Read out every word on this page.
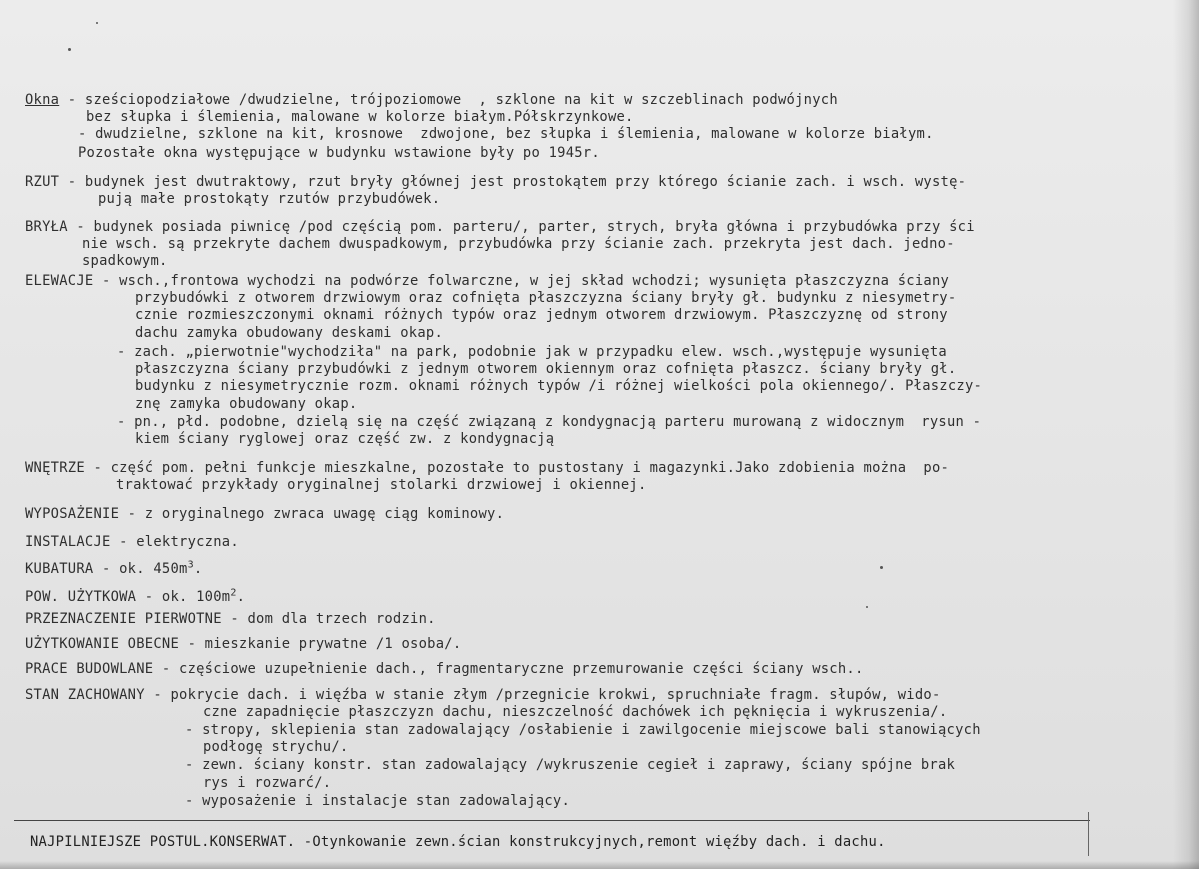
Okna - sześciopodziałowe /dwudzielne, trójpoziomowe  , szklone na kit w szczeblinach podwójnych

bez słupka i ślemienia, malowane w kolorze białym.Półskrzynkowe.

- dwudzielne, szklone na kit, krosnowe  zdwojone, bez słupka i ślemienia, malowane w kolorze białym.

Pozostałe okna występujące w budynku wstawione były po 1945r.

RZUT - budynek jest dwutraktowy, rzut bryły głównej jest prostokątem przy którego ścianie zach. i wsch. wystę-

pują małe prostokąty rzutów przybudówek.

BRYŁA - budynek posiada piwnicę /pod częścią pom. parteru/, parter, strych, bryła główna i przybudówka przy ści

nie wsch. są przekryte dachem dwuspadkowym, przybudówka przy ścianie zach. przekryta jest dach. jedno-

spadkowym.

ELEWACJE - wsch.,frontowa wychodzi na podwórze folwarczne, w jej skład wchodzi; wysunięta płaszczyzna ściany

przybudówki z otworem drzwiowym oraz cofnięta płaszczyzna ściany bryły gł. budynku z niesymetry-

cznie rozmieszczonymi oknami różnych typów oraz jednym otworem drzwiowym. Płaszczyznę od strony

dachu zamyka obudowany deskami okap.

- zach. „pierwotnie"wychodziła" na park, podobnie jak w przypadku elew. wsch.,występuje wysunięta

płaszczyzna ściany przybudówki z jednym otworem okiennym oraz cofnięta płaszcz. ściany bryły gł.

budynku z niesymetrycznie rozm. oknami różnych typów /i różnej wielkości pola okiennego/. Płaszczy-

znę zamyka obudowany okap.

- pn., płd. podobne, dzielą się na część związaną z kondygnacją parteru murowaną z widocznym  rysun -

kiem ściany ryglowej oraz część zw. z kondygnacją

WNĘTRZE - część pom. pełni funkcje mieszkalne, pozostałe to pustostany i magazynki.Jako zdobienia można  po-

traktować przykłady oryginalnej stolarki drzwiowej i okiennej.

WYPOSAŻENIE - z oryginalnego zwraca uwagę ciąg kominowy.

INSTALACJE - elektryczna.

KUBATURA - ok. $450m^3$.

POW. UŻYTKOWA - ok. $100m^2$.

PRZEZNACZENIE PIERWOTNE - dom dla trzech rodzin.

UŻYTKOWANIE OBECNE - mieszkanie prywatne /1 osoba/.

PRACE BUDOWLANE - częściowe uzupełnienie dach., fragmentaryczne przemurowanie części ściany wsch..

STAN ZACHOWANY - pokrycie dach. i więźba w stanie złym /przegnicie krokwi, spruchniałe fragm. słupów, wido-

czne zapadnięcie płaszczyzn dachu, nieszczelność dachówek ich pęknięcia i wykruszenia/.

- stropy, sklepienia stan zadowalający /osłabienie i zawilgocenie miejscowe bali stanowiących

podłogę strychu/.

- zewn. ściany konstr. stan zadowalający /wykruszenie cegieł i zaprawy, ściany spójne brak

rys i rozwarć/.

- wyposażenie i instalacje stan zadowalający.

NAJPILNIEJSZE POSTUL.KONSERWAT. -Otynkowanie zewn.ścian konstrukcyjnych,remont więźby dach. i dachu.
